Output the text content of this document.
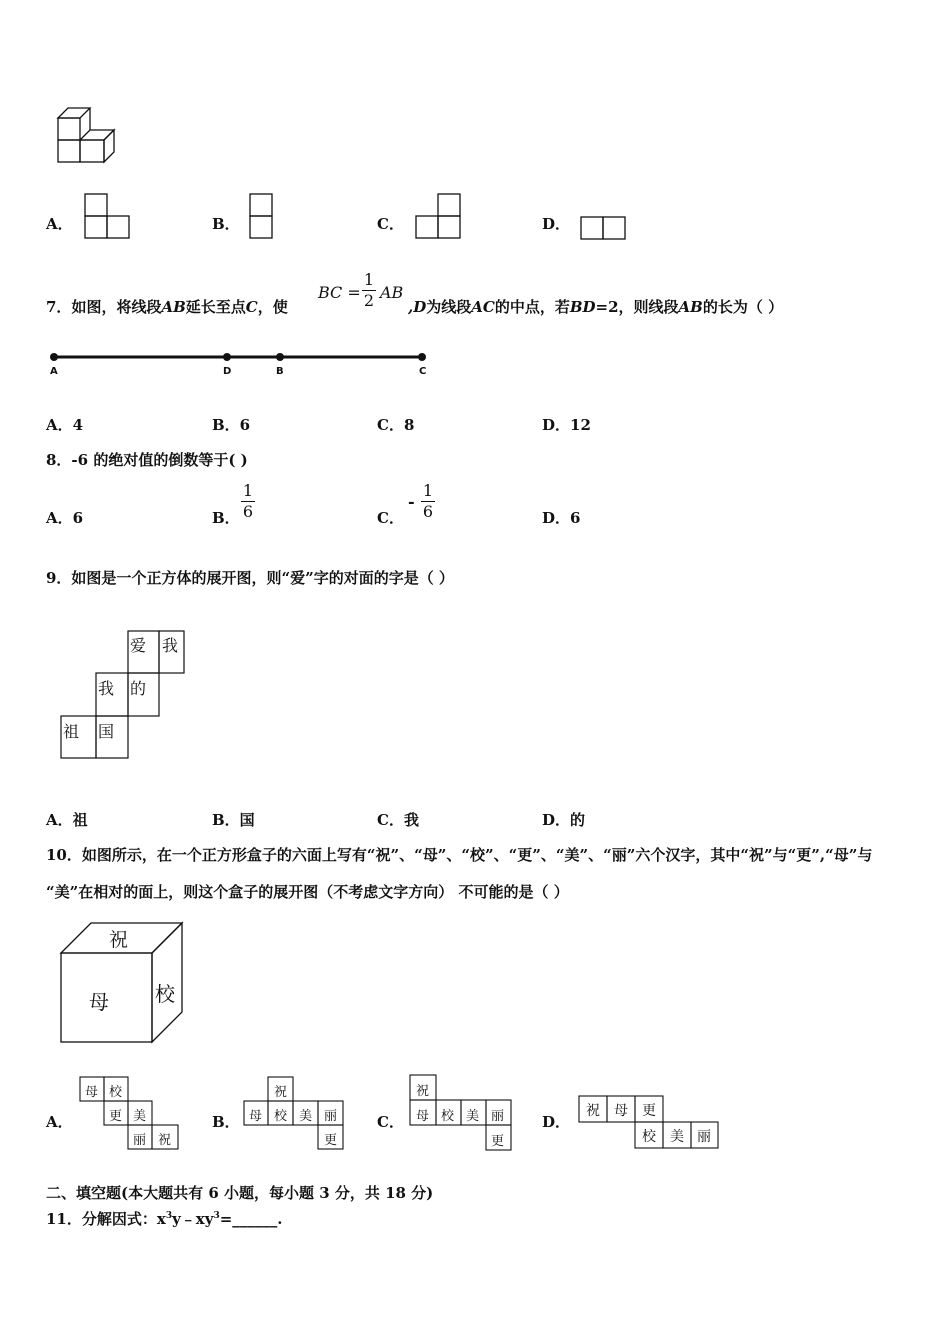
A．	B．	C．	D．
7．如图，将线段AB延长至点C，使
BC =
1
2 AB
,D为线段AC的中点，若BD=2，则线段AB的长为（ ）
A	D	B	C
A．4	B．6	C．8	D．12
8．-6 的绝对值的倒数等于( )
A．6	B．
1
6	C．
-
1
6	D．6
9．如图是一个正方体的展开图，则“爱”字的对面的字是（ ）
爱 我
我 的
祖 国
A．祖	B．国	C．我	D．的
10．如图所示，在一个正方形盒子的六面上写有“祝”、“母”、“校”、“更”、“美”、“丽”六个汉字，其中“祝”与“更”,“母”与
“美”在相对的面上，则这个盒子的展开图（不考虑文字方向） 不可能的是（ ）
祝
母 校
A．
母 校
更 美
丽 祝
B．
祝
母 校 美 丽
更
C．
祝
母 校 美 丽
更
D．
祝 母 更
校 美 丽
二、填空题(本大题共有 6 小题，每小题 3 分，共 18 分)
11．分解因式：$x^3y﹣xy^3=\_\_\_\_\_\_$.
